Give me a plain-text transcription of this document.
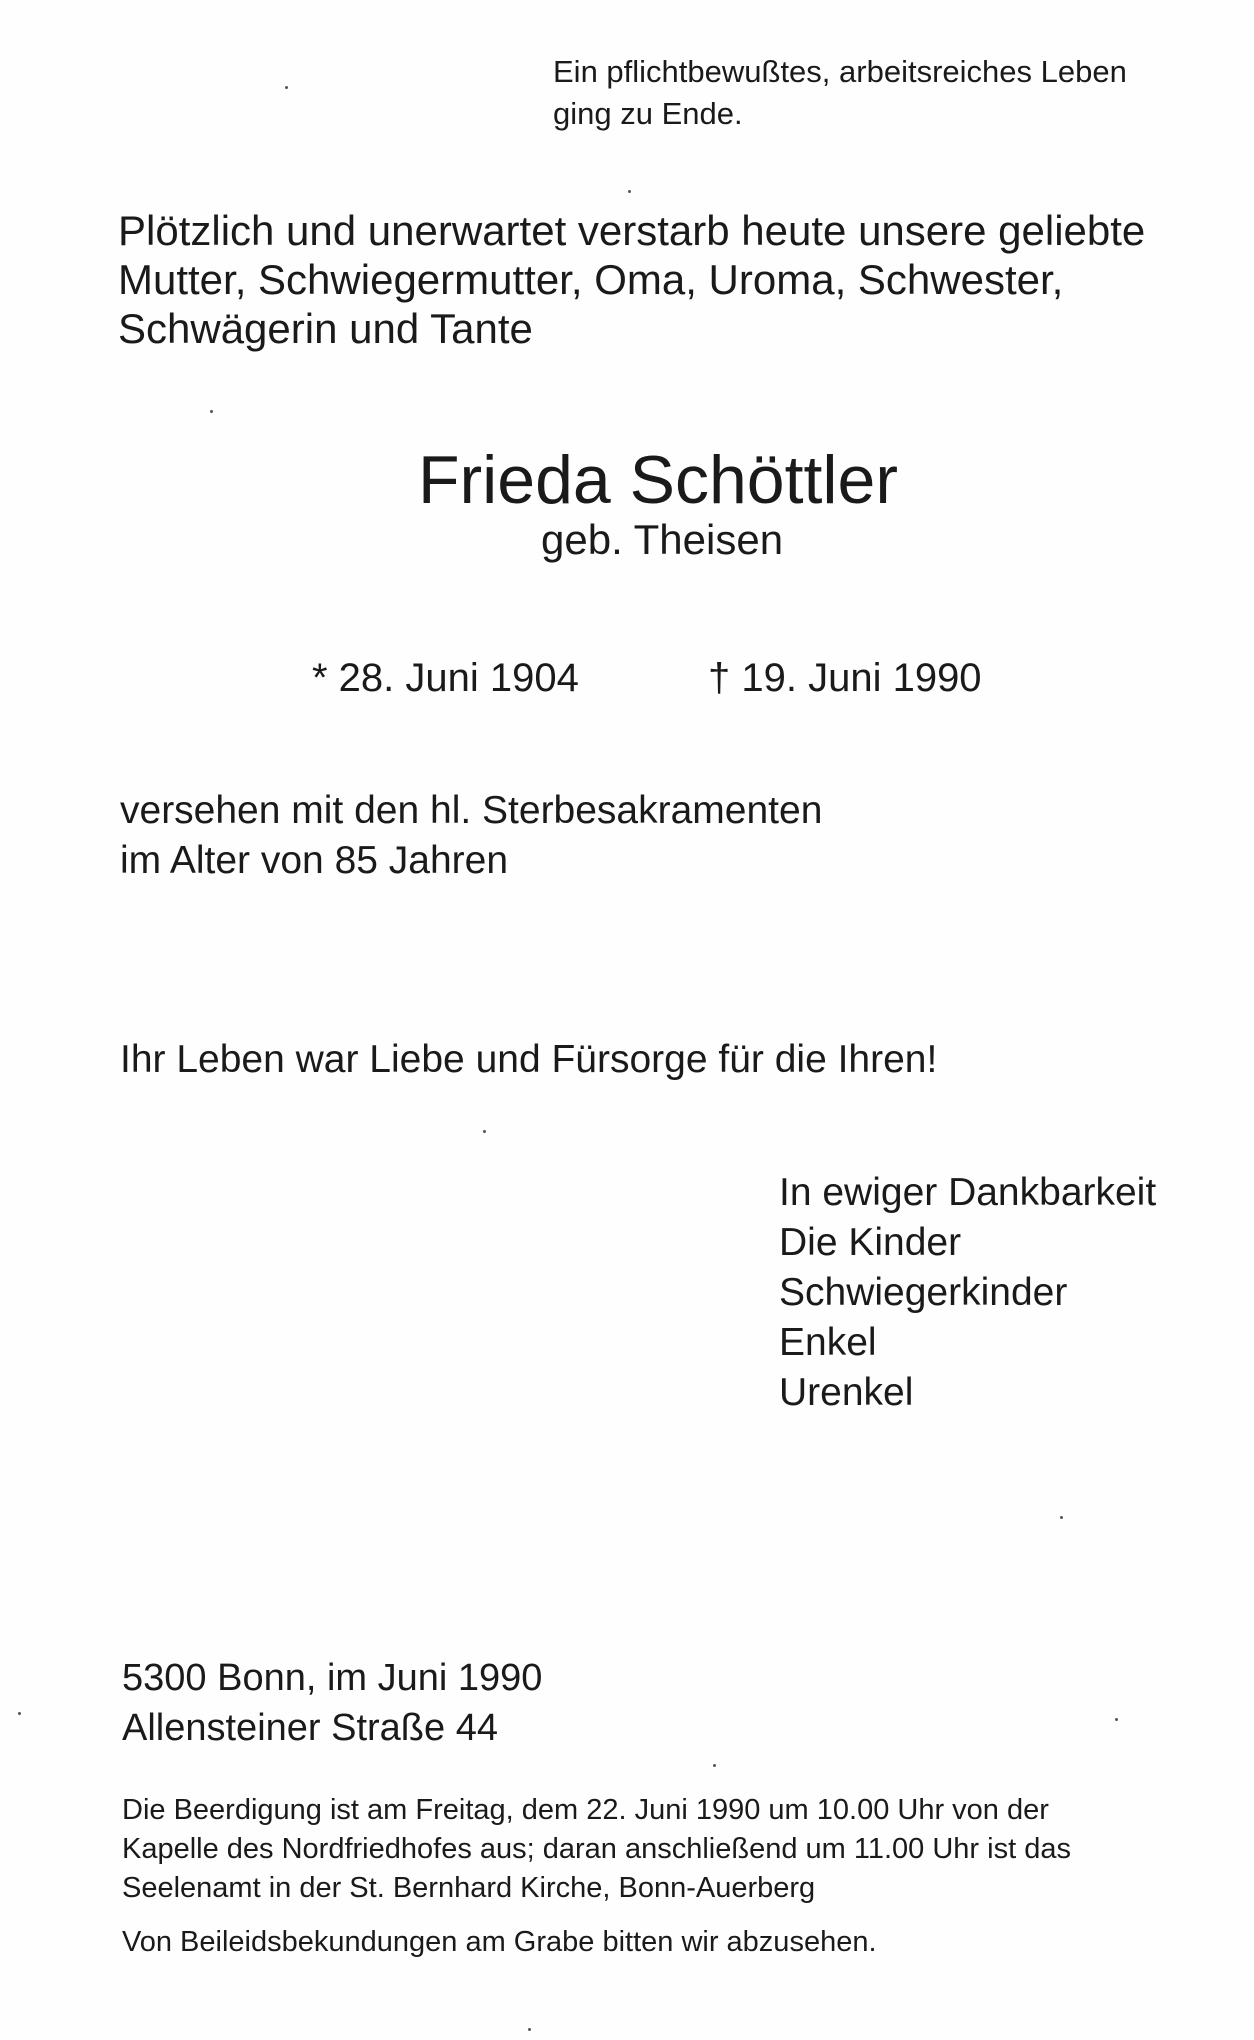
Ein pflichtbewußtes, arbeitsreiches Leben
ging zu Ende.
Plötzlich und unerwartet verstarb heute unsere geliebte
Mutter, Schwiegermutter, Oma, Uroma, Schwester,
Schwägerin und Tante
Frieda Schöttler
geb. Theisen
* 28. Juni 1904	† 19. Juni 1990
versehen mit den hl. Sterbesakramenten
im Alter von 85 Jahren
Ihr Leben war Liebe und Fürsorge für die Ihren!
In ewiger Dankbarkeit
Die Kinder
Schwiegerkinder
Enkel
Urenkel
5300 Bonn, im Juni 1990
Allensteiner Straße 44
Die Beerdigung ist am Freitag, dem 22. Juni 1990 um 10.00 Uhr von der
Kapelle des Nordfriedhofes aus; daran anschließend um 11.00 Uhr ist das
Seelenamt in der St. Bernhard Kirche, Bonn-Auerberg
Von Beileidsbekundungen am Grabe bitten wir abzusehen.
